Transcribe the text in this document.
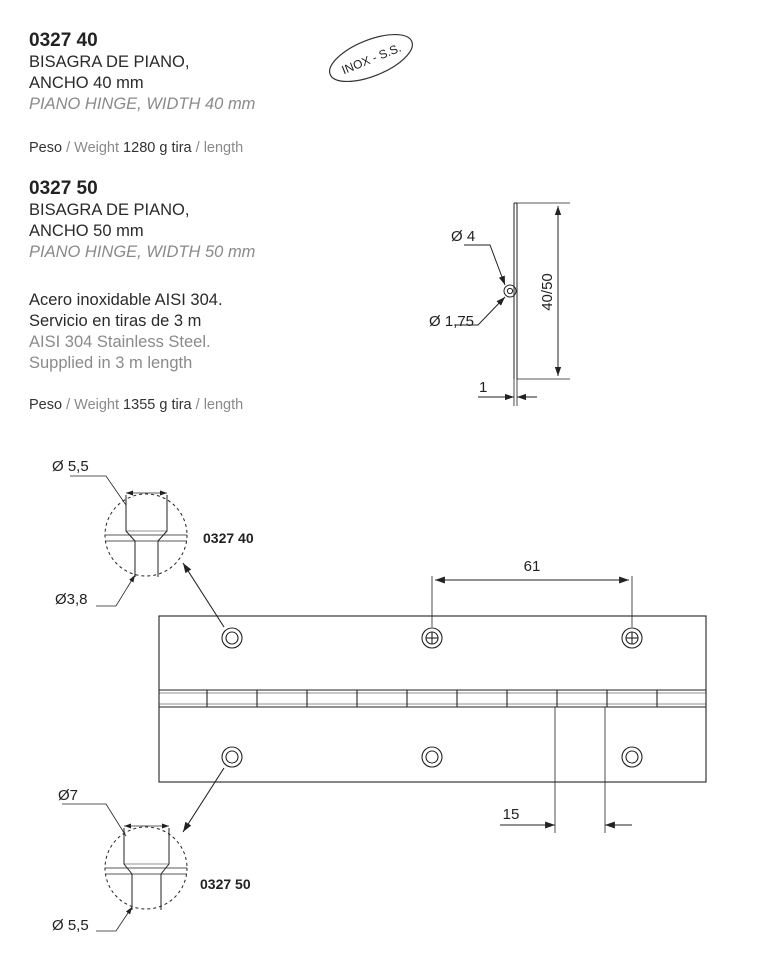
0327 40
BISAGRA DE PIANO,
ANCHO 40 mm
PIANO HINGE, WIDTH 40 mm
Peso / Weight 1280 g tira / length
0327 50
BISAGRA DE PIANO,
ANCHO 50 mm
PIANO HINGE, WIDTH 50 mm
Acero inoxidable AISI 304.
Servicio en tiras de 3 m
AISI 304 Stainless Steel.
Supplied in 3 m length
Peso / Weight 1355 g tira / length
INOX - S.S.
Ø 4
Ø 1,75
40/50
1
61
15
Ø 5,5
Ø3,8
0327 40
Ø7
Ø 5,5
0327 50
